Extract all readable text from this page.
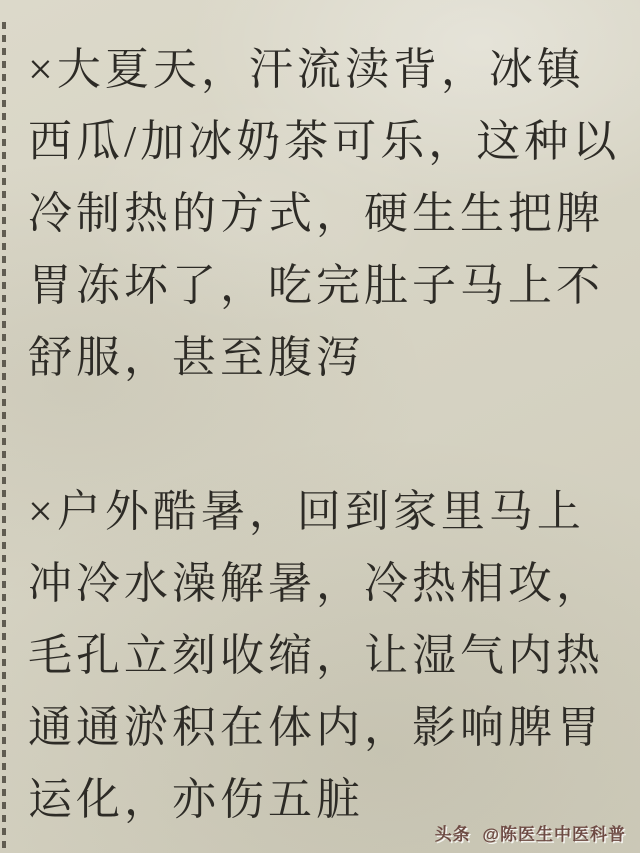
×大夏天，汗流渎背，冰镇
西瓜/加冰奶茶可乐，这种以
冷制热的方式，硬生生把脾
胃冻坏了，吃完肚子马上不
舒服，甚至腹泻
×户外酷暑，回到家里马上
冲冷水澡解暑，冷热相攻，
毛孔立刻收缩，让湿气内热
通通淤积在体内，影响脾胃
运化，亦伤五脏
头条 @陈医生中医科普
